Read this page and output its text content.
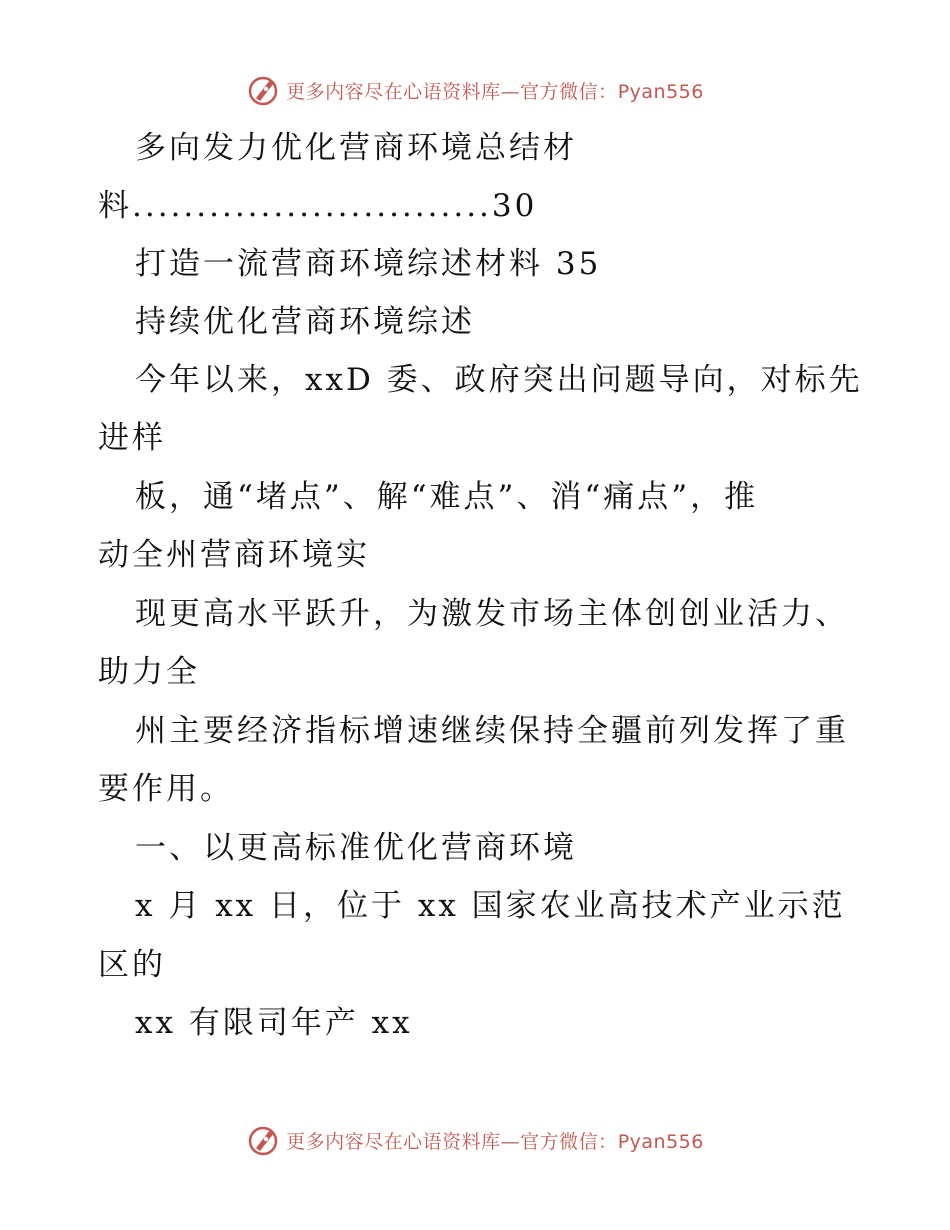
更多内容尽在心语资料库—官方微信：Pyan556
多向发力优化营商环境总结材
料............................30
打造一流营商环境综述材料 35
持续优化营商环境综述
今年以来，xxD 委、政府突出问题导向，对标先
进样
板，通“堵点”、解“难点”、消“痛点”，推
动全州营商环境实
现更高水平跃升，为激发市场主体创创业活力、
助力全
州主要经济指标增速继续保持全疆前列发挥了重
要作用。
一、以更高标准优化营商环境
x 月 xx 日，位于 xx 国家农业高技术产业示范
区的
xx 有限司年产 xx
更多内容尽在心语资料库—官方微信：Pyan556
